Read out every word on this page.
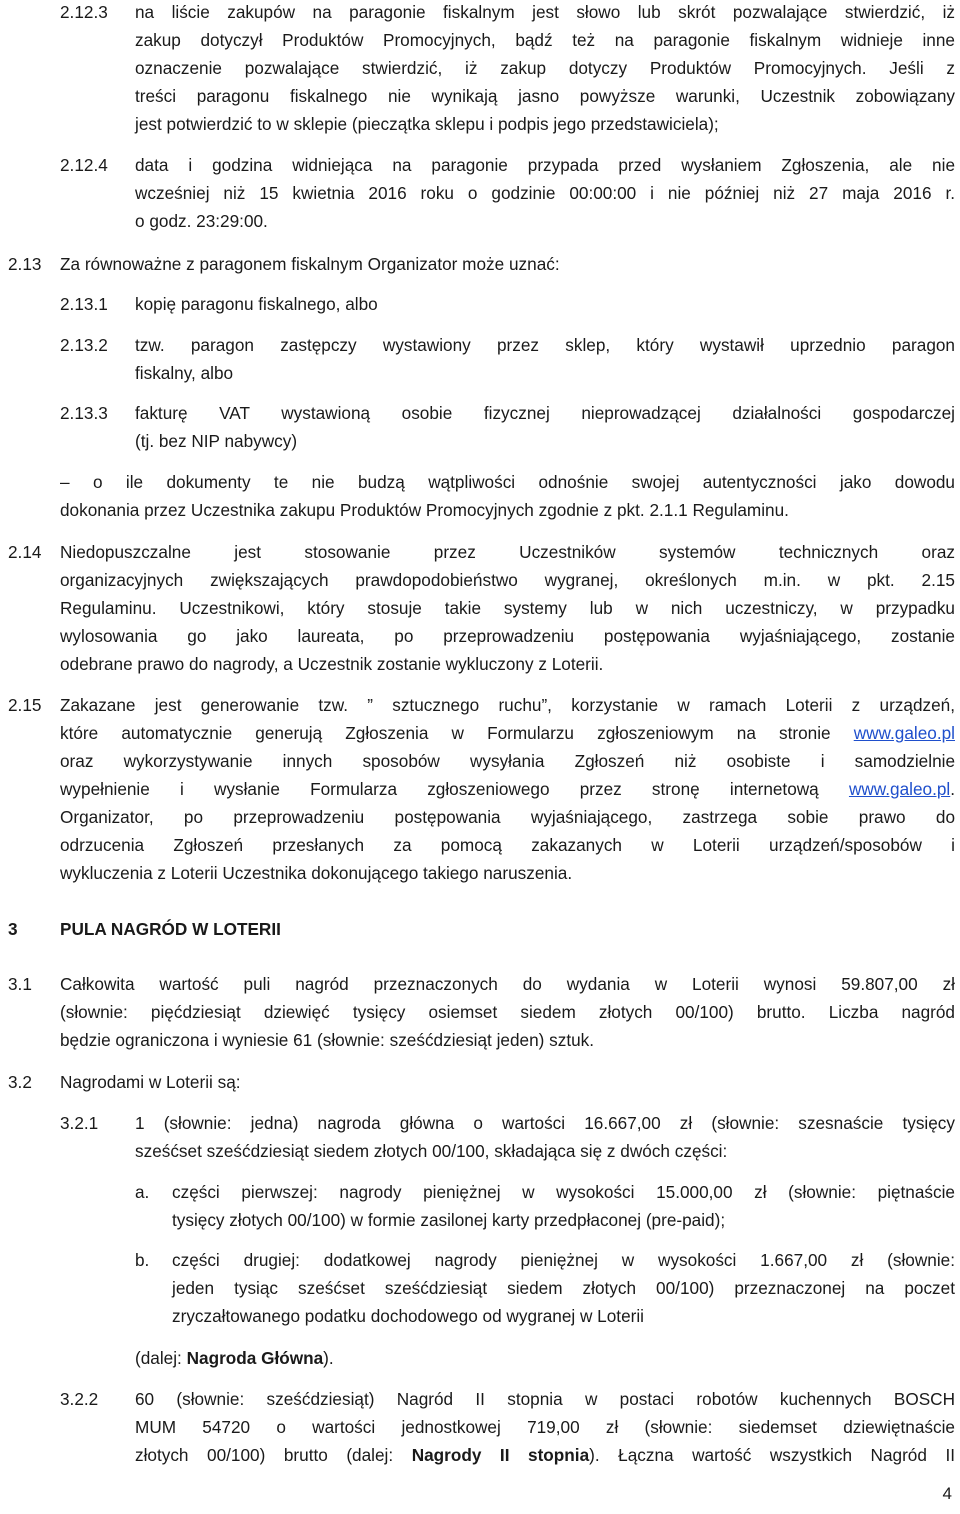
2.12.3 na liście zakupów na paragonie fiskalnym jest słowo lub skrót pozwalające stwierdzić, iż
zakup dotyczył Produktów Promocyjnych, bądź też na paragonie fiskalnym widnieje inne
oznaczenie pozwalające stwierdzić, iż zakup dotyczy Produktów Promocyjnych. Jeśli z
treści paragonu fiskalnego nie wynikają jasno powyższe warunki, Uczestnik zobowiązany
jest potwierdzić to w sklepie (pieczątka sklepu i podpis jego przedstawiciela);
2.12.4 data i godzina widniejąca na paragonie przypada przed wysłaniem Zgłoszenia, ale nie
wcześniej niż 15 kwietnia 2016 roku o godzinie 00:00:00 i nie później niż 27 maja 2016 r.
o godz. 23:29:00.
2.13 Za równoważne z paragonem fiskalnym Organizator może uznać:
2.13.1 kopię paragonu fiskalnego, albo
2.13.2 tzw. paragon zastępczy wystawiony przez sklep, który wystawił uprzednio paragon
fiskalny, albo
2.13.3 fakturę VAT wystawioną osobie fizycznej nieprowadzącej działalności gospodarczej
(tj. bez NIP nabywcy)
– o ile dokumenty te nie budzą wątpliwości odnośnie swojej autentyczności jako dowodu
dokonania przez Uczestnika zakupu Produktów Promocyjnych zgodnie z pkt. 2.1.1 Regulaminu.
2.14 Niedopuszczalne jest stosowanie przez Uczestników systemów technicznych oraz
organizacyjnych zwiększających prawdopodobieństwo wygranej, określonych m.in. w pkt. 2.15
Regulaminu. Uczestnikowi, który stosuje takie systemy lub w nich uczestniczy, w przypadku
wylosowania go jako laureata, po przeprowadzeniu postępowania wyjaśniającego, zostanie
odebrane prawo do nagrody, a Uczestnik zostanie wykluczony z Loterii.
2.15 Zakazane jest generowanie tzw. ” sztucznego ruchu”, korzystanie w ramach Loterii z urządzeń,
które automatycznie generują Zgłoszenia w Formularzu zgłoszeniowym na stronie www.galeo.pl
oraz wykorzystywanie innych sposobów wysyłania Zgłoszeń niż osobiste i samodzielnie
wypełnienie i wysłanie Formularza zgłoszeniowego przez stronę internetową www.galeo.pl.
Organizator, po przeprowadzeniu postępowania wyjaśniającego, zastrzega sobie prawo do
odrzucenia Zgłoszeń przesłanych za pomocą zakazanych w Loterii urządzeń/sposobów i
wykluczenia z Loterii Uczestnika dokonującego takiego naruszenia.
3 PULA NAGRÓD W LOTERII
3.1 Całkowita wartość puli nagród przeznaczonych do wydania w Loterii wynosi 59.807,00 zł
(słownie: pięćdziesiąt dziewięć tysięcy osiemset siedem złotych 00/100) brutto. Liczba nagród
będzie ograniczona i wyniesie 61 (słownie: sześćdziesiąt jeden) sztuk.
3.2 Nagrodami w Loterii są:
3.2.1 1 (słownie: jedna) nagroda główna o wartości 16.667,00 zł (słownie: szesnaście tysięcy
sześćset sześćdziesiąt siedem złotych 00/100, składająca się z dwóch części:
a. części pierwszej: nagrody pieniężnej w wysokości 15.000,00 zł (słownie: piętnaście
tysięcy złotych 00/100) w formie zasilonej karty przedpłaconej (pre-paid);
b. części drugiej: dodatkowej nagrody pieniężnej w wysokości 1.667,00 zł (słownie:
jeden tysiąc sześćset sześćdziesiąt siedem złotych 00/100) przeznaczonej na poczet
zryczałtowanego podatku dochodowego od wygranej w Loterii
(dalej: Nagroda Główna).
3.2.2 60 (słownie: sześćdziesiąt) Nagród II stopnia w postaci robotów kuchennych BOSCH
MUM 54720 o wartości jednostkowej 719,00 zł (słownie: siedemset dziewiętnaście
złotych 00/100) brutto (dalej: Nagrody II stopnia). Łączna wartość wszystkich Nagród II
4
